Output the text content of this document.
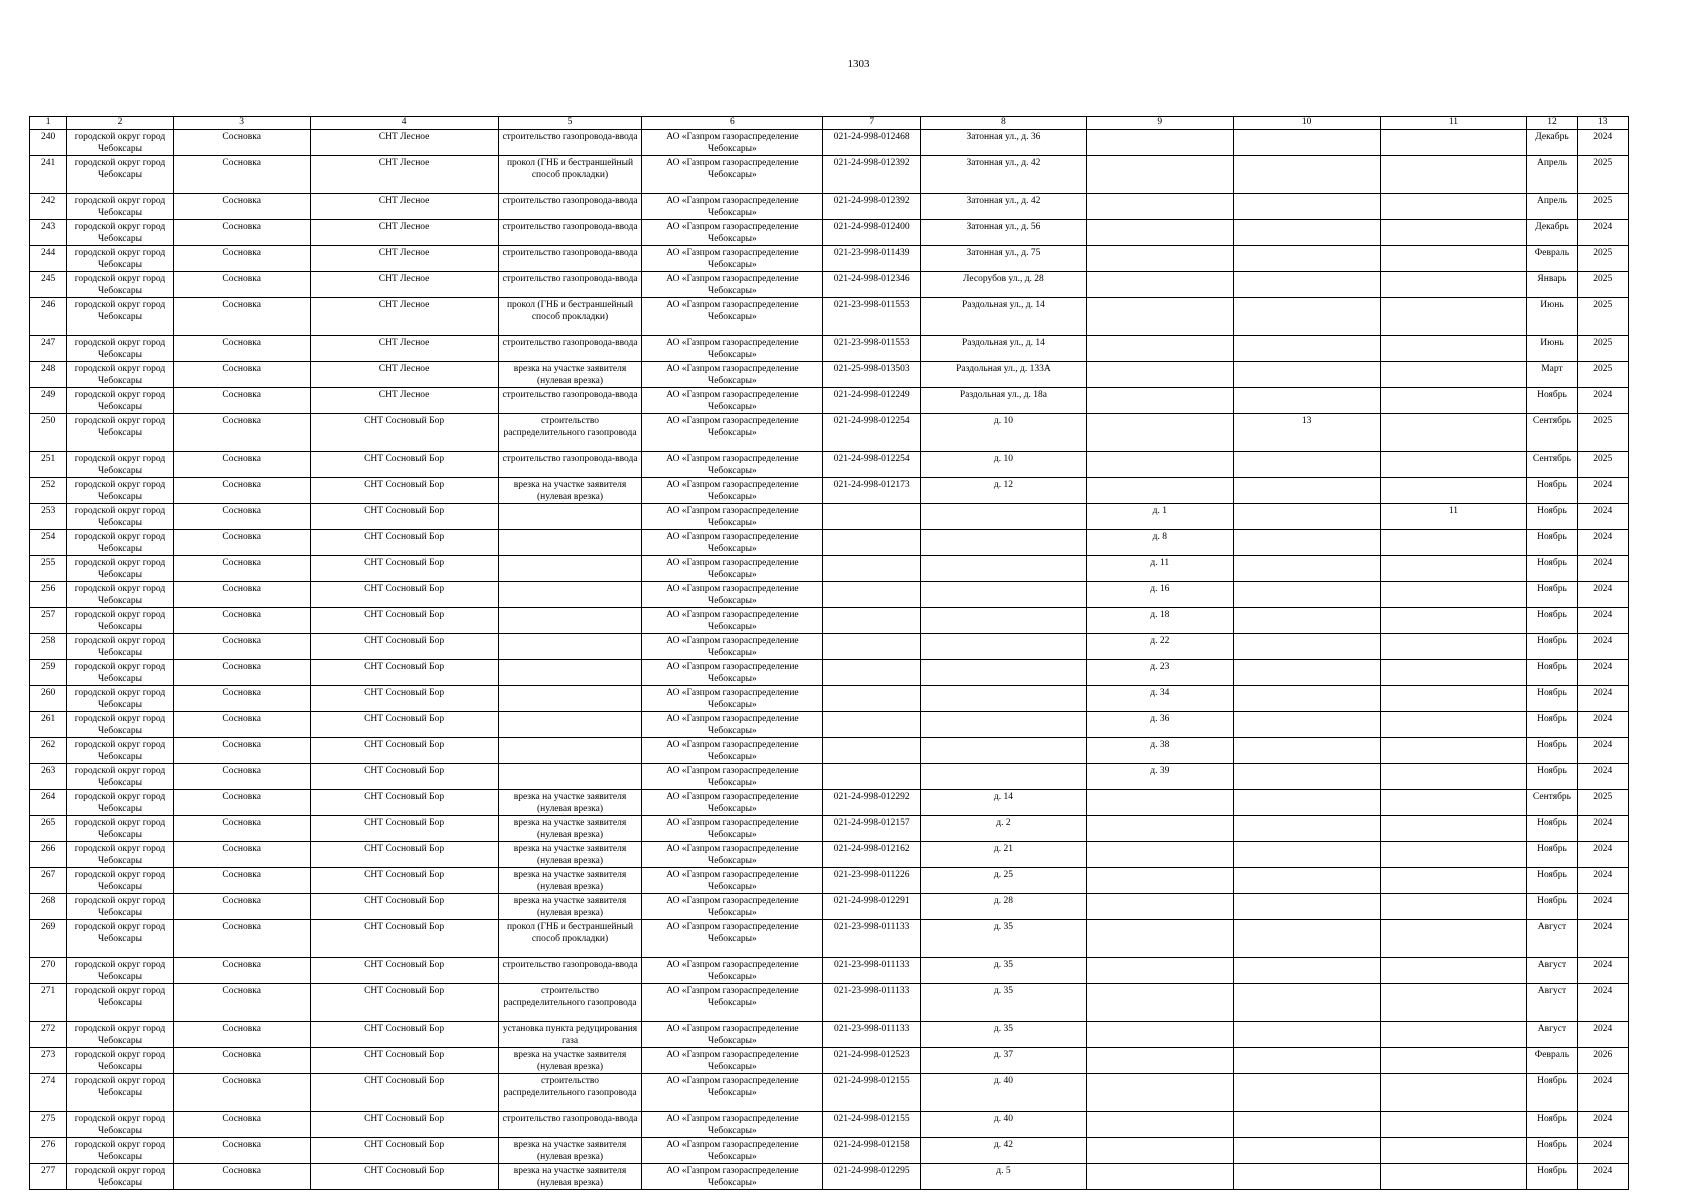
1303
1	2	3	4	5	6	7	8	9	10	11	12	13
240	городской округ город Чебоксары	Сосновка	СНТ Лесное	строительство газопровода-ввода	АО «Газпром газораспределение Чебоксары»	021-24-998-012468	Затонная ул., д. 36				Декабрь	2024
241	городской округ город Чебоксары	Сосновка	СНТ Лесное	прокол (ГНБ и бестраншейный способ прокладки)	АО «Газпром газораспределение Чебоксары»	021-24-998-012392	Затонная ул., д. 42				Апрель	2025
242	городской округ город Чебоксары	Сосновка	СНТ Лесное	строительство газопровода-ввода	АО «Газпром газораспределение Чебоксары»	021-24-998-012392	Затонная ул., д. 42				Апрель	2025
243	городской округ город Чебоксары	Сосновка	СНТ Лесное	строительство газопровода-ввода	АО «Газпром газораспределение Чебоксары»	021-24-998-012400	Затонная ул., д. 56				Декабрь	2024
244	городской округ город Чебоксары	Сосновка	СНТ Лесное	строительство газопровода-ввода	АО «Газпром газораспределение Чебоксары»	021-23-998-011439	Затонная ул., д. 75				Февраль	2025
245	городской округ город Чебоксары	Сосновка	СНТ Лесное	строительство газопровода-ввода	АО «Газпром газораспределение Чебоксары»	021-24-998-012346	Лесорубов ул., д. 28				Январь	2025
246	городской округ город Чебоксары	Сосновка	СНТ Лесное	прокол (ГНБ и бестраншейный способ прокладки)	АО «Газпром газораспределение Чебоксары»	021-23-998-011553	Раздольная ул., д. 14				Июнь	2025
247	городской округ город Чебоксары	Сосновка	СНТ Лесное	строительство газопровода-ввода	АО «Газпром газораспределение Чебоксары»	021-23-998-011553	Раздольная ул., д. 14				Июнь	2025
248	городской округ город Чебоксары	Сосновка	СНТ Лесное	врезка на участке заявителя (нулевая врезка)	АО «Газпром газораспределение Чебоксары»	021-25-998-013503	Раздольная ул., д. 133А				Март	2025
249	городской округ город Чебоксары	Сосновка	СНТ Лесное	строительство газопровода-ввода	АО «Газпром газораспределение Чебоксары»	021-24-998-012249	Раздольная ул., д. 18а				Ноябрь	2024
250	городской округ город Чебоксары	Сосновка	СНТ Сосновый Бор	строительство распределительного газопровода	АО «Газпром газораспределение Чебоксары»	021-24-998-012254	д. 10		13		Сентябрь	2025
251	городской округ город Чебоксары	Сосновка	СНТ Сосновый Бор	строительство газопровода-ввода	АО «Газпром газораспределение Чебоксары»	021-24-998-012254	д. 10				Сентябрь	2025
252	городской округ город Чебоксары	Сосновка	СНТ Сосновый Бор	врезка на участке заявителя (нулевая врезка)	АО «Газпром газораспределение Чебоксары»	021-24-998-012173	д. 12				Ноябрь	2024
253	городской округ город Чебоксары	Сосновка	СНТ Сосновый Бор		АО «Газпром газораспределение Чебоксары»			д. 1		11	Ноябрь	2024
254	городской округ город Чебоксары	Сосновка	СНТ Сосновый Бор		АО «Газпром газораспределение Чебоксары»			д. 8			Ноябрь	2024
255	городской округ город Чебоксары	Сосновка	СНТ Сосновый Бор		АО «Газпром газораспределение Чебоксары»			д. 11			Ноябрь	2024
256	городской округ город Чебоксары	Сосновка	СНТ Сосновый Бор		АО «Газпром газораспределение Чебоксары»			д. 16			Ноябрь	2024
257	городской округ город Чебоксары	Сосновка	СНТ Сосновый Бор		АО «Газпром газораспределение Чебоксары»			д. 18			Ноябрь	2024
258	городской округ город Чебоксары	Сосновка	СНТ Сосновый Бор		АО «Газпром газораспределение Чебоксары»			д. 22			Ноябрь	2024
259	городской округ город Чебоксары	Сосновка	СНТ Сосновый Бор		АО «Газпром газораспределение Чебоксары»			д. 23			Ноябрь	2024
260	городской округ город Чебоксары	Сосновка	СНТ Сосновый Бор		АО «Газпром газораспределение Чебоксары»			д. 34			Ноябрь	2024
261	городской округ город Чебоксары	Сосновка	СНТ Сосновый Бор		АО «Газпром газораспределение Чебоксары»			д. 36			Ноябрь	2024
262	городской округ город Чебоксары	Сосновка	СНТ Сосновый Бор		АО «Газпром газораспределение Чебоксары»			д. 38			Ноябрь	2024
263	городской округ город Чебоксары	Сосновка	СНТ Сосновый Бор		АО «Газпром газораспределение Чебоксары»			д. 39			Ноябрь	2024
264	городской округ город Чебоксары	Сосновка	СНТ Сосновый Бор	врезка на участке заявителя (нулевая врезка)	АО «Газпром газораспределение Чебоксары»	021-24-998-012292	д. 14				Сентябрь	2025
265	городской округ город Чебоксары	Сосновка	СНТ Сосновый Бор	врезка на участке заявителя (нулевая врезка)	АО «Газпром газораспределение Чебоксары»	021-24-998-012157	д. 2				Ноябрь	2024
266	городской округ город Чебоксары	Сосновка	СНТ Сосновый Бор	врезка на участке заявителя (нулевая врезка)	АО «Газпром газораспределение Чебоксары»	021-24-998-012162	д. 21				Ноябрь	2024
267	городской округ город Чебоксары	Сосновка	СНТ Сосновый Бор	врезка на участке заявителя (нулевая врезка)	АО «Газпром газораспределение Чебоксары»	021-23-998-011226	д. 25				Ноябрь	2024
268	городской округ город Чебоксары	Сосновка	СНТ Сосновый Бор	врезка на участке заявителя (нулевая врезка)	АО «Газпром газораспределение Чебоксары»	021-24-998-012291	д. 28				Ноябрь	2024
269	городской округ город Чебоксары	Сосновка	СНТ Сосновый Бор	прокол (ГНБ и бестраншейный способ прокладки)	АО «Газпром газораспределение Чебоксары»	021-23-998-011133	д. 35				Август	2024
270	городской округ город Чебоксары	Сосновка	СНТ Сосновый Бор	строительство газопровода-ввода	АО «Газпром газораспределение Чебоксары»	021-23-998-011133	д. 35				Август	2024
271	городской округ город Чебоксары	Сосновка	СНТ Сосновый Бор	строительство распределительного газопровода	АО «Газпром газораспределение Чебоксары»	021-23-998-011133	д. 35				Август	2024
272	городской округ город Чебоксары	Сосновка	СНТ Сосновый Бор	установка пункта редуцирования газа	АО «Газпром газораспределение Чебоксары»	021-23-998-011133	д. 35				Август	2024
273	городской округ город Чебоксары	Сосновка	СНТ Сосновый Бор	врезка на участке заявителя (нулевая врезка)	АО «Газпром газораспределение Чебоксары»	021-24-998-012523	д. 37				Февраль	2026
274	городской округ город Чебоксары	Сосновка	СНТ Сосновый Бор	строительство распределительного газопровода	АО «Газпром газораспределение Чебоксары»	021-24-998-012155	д. 40				Ноябрь	2024
275	городской округ город Чебоксары	Сосновка	СНТ Сосновый Бор	строительство газопровода-ввода	АО «Газпром газораспределение Чебоксары»	021-24-998-012155	д. 40				Ноябрь	2024
276	городской округ город Чебоксары	Сосновка	СНТ Сосновый Бор	врезка на участке заявителя (нулевая врезка)	АО «Газпром газораспределение Чебоксары»	021-24-998-012158	д. 42				Ноябрь	2024
277	городской округ город Чебоксары	Сосновка	СНТ Сосновый Бор	врезка на участке заявителя (нулевая врезка)	АО «Газпром газораспределение Чебоксары»	021-24-998-012295	д. 5				Ноябрь	2024
